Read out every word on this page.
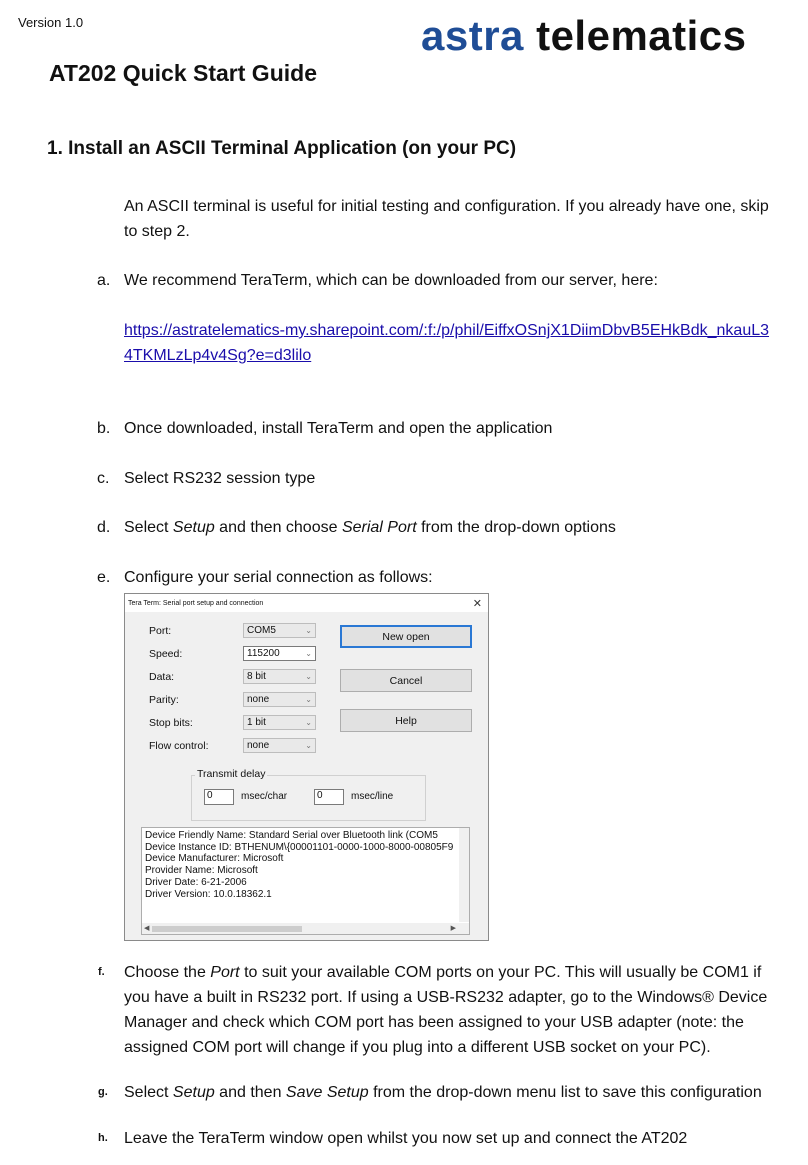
Version 1.0	astra telematics
AT202 Quick Start Guide
1. Install an ASCII Terminal Application (on your PC)
An ASCII terminal is useful for initial testing and configuration. If you already have one, skip to step 2.
a. We recommend TeraTerm, which can be downloaded from our server, here:
https://astratelematics-my.sharepoint.com/:f:/p/phil/EiffxOSnjX1DiimDbvB5EHkBdk_nkauL34TKMLzLp4v4Sg?e=d3lilo
b. Once downloaded, install TeraTerm and open the application
c. Select RS232 session type
d. Select Setup and then choose Serial Port from the drop-down options
e. Configure your serial connection as follows:
Tera Term: Serial port setup and connection	✕
Port:	COM5	⌄
Speed:	115200	⌄
Data:	8 bit	⌄
Parity:	none	⌄
Stop bits:	1 bit	⌄
Flow control:	none	⌄
New open
Cancel
Help
Transmit delay
0	msec/char	0	msec/line
Device Friendly Name: Standard Serial over Bluetooth link (COM5
Device Instance ID: BTHENUM\{00001101-0000-1000-8000-00805F9
Device Manufacturer: Microsoft
Provider Name: Microsoft
Driver Date: 6-21-2006
Driver Version: 10.0.18362.1
◀	▶
f. Choose the Port to suit your available COM ports on your PC. This will usually be COM1 if you have a built in RS232 port. If using a USB-RS232 adapter, go to the Windows® Device Manager and check which COM port has been assigned to your USB adapter (note: the assigned COM port will change if you plug into a different USB socket on your PC).
g. Select Setup and then Save Setup from the drop-down menu list to save this configuration
h. Leave the TeraTerm window open whilst you now set up and connect the AT202
